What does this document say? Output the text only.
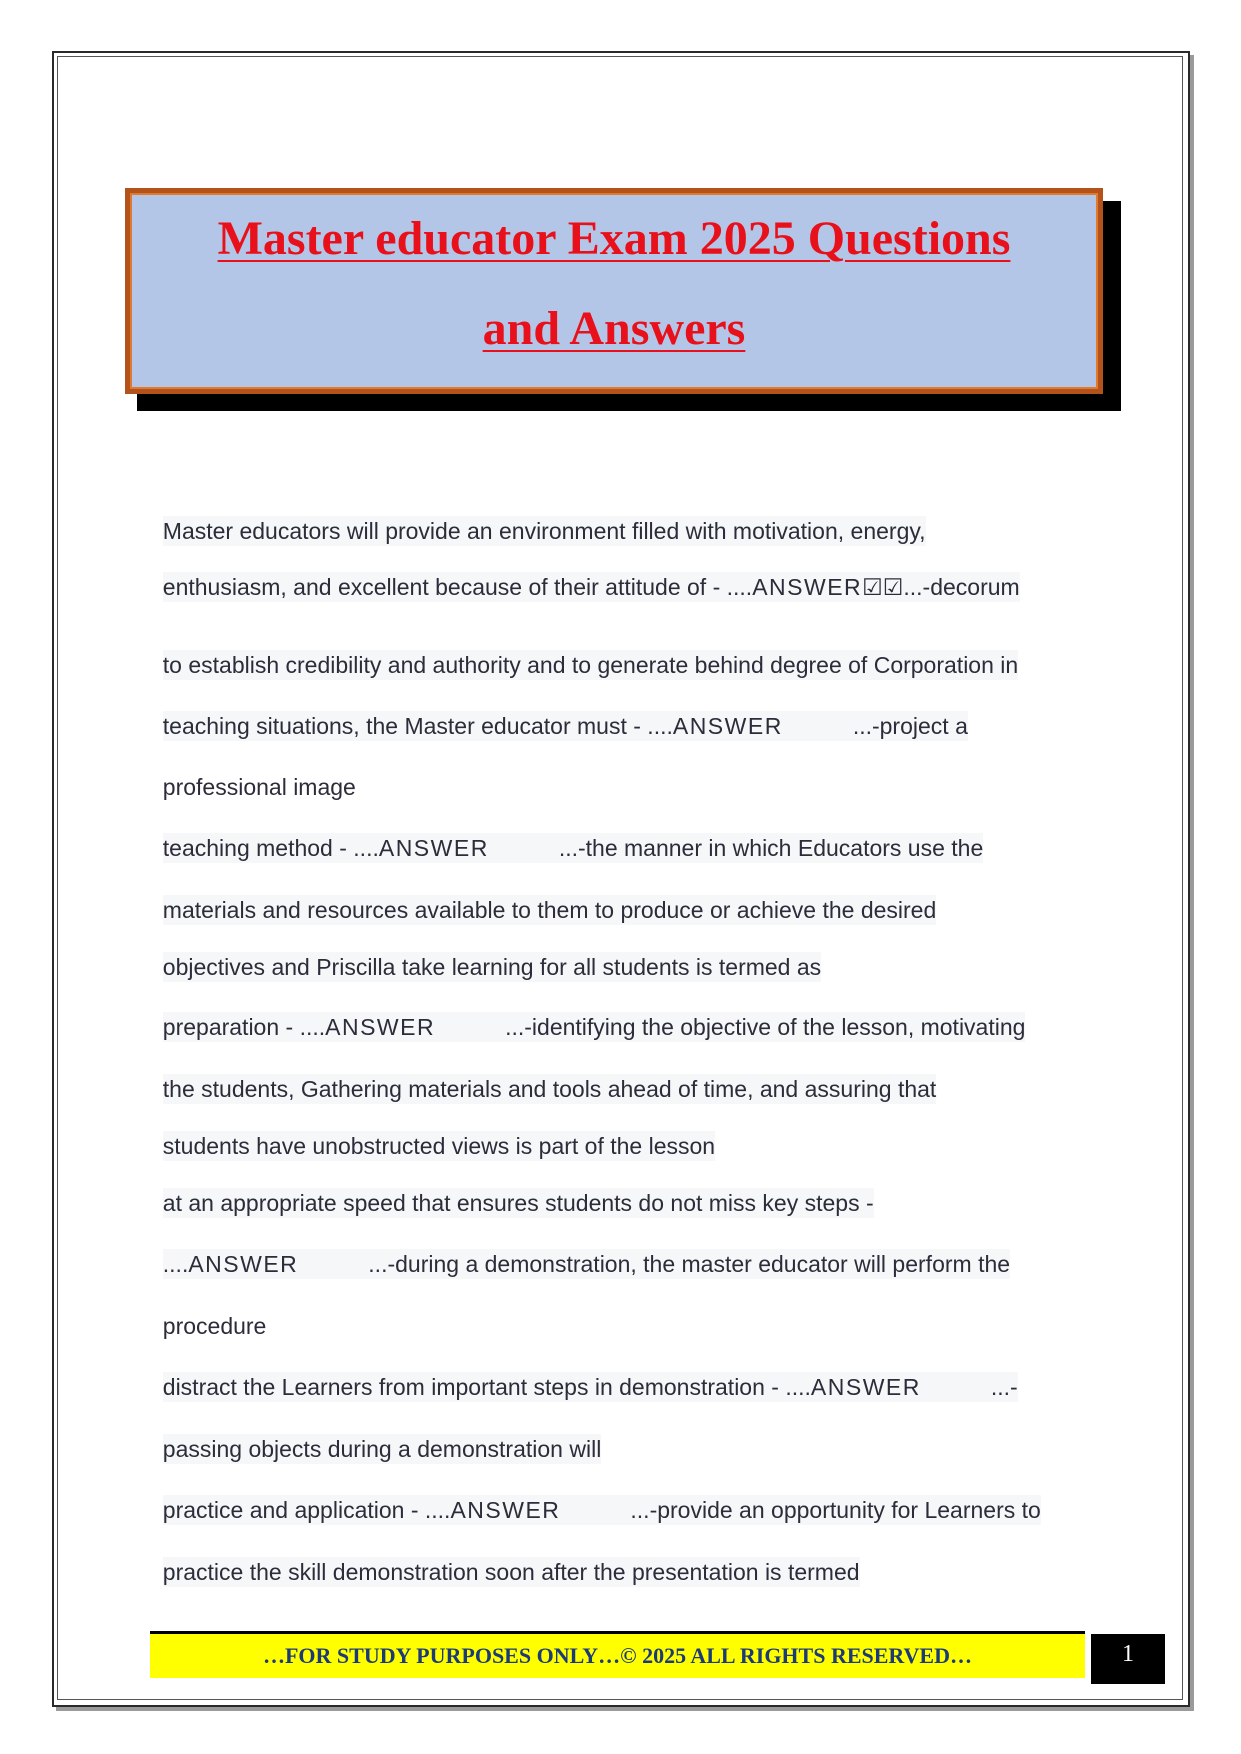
Master educator Exam 2025 Questions
and Answers

Master educators will provide an environment filled with motivation, energy,

enthusiasm, and excellent because of their attitude of - ....ANSWER☑☑...-decorum

to establish credibility and authority and to generate behind degree of Corporation in

teaching situations, the Master educator must - ....ANSWER	...-project a

professional image

teaching method - ....ANSWER	...-the manner in which Educators use the

materials and resources available to them to produce or achieve the desired

objectives and Priscilla take learning for all students is termed as

preparation - ....ANSWER	...-identifying the objective of the lesson, motivating

the students, Gathering materials and tools ahead of time, and assuring that

students have unobstructed views is part of the lesson

at an appropriate speed that ensures students do not miss key steps -

....ANSWER	...-during a demonstration, the master educator will perform the

procedure

distract the Learners from important steps in demonstration - ....ANSWER	...-

passing objects during a demonstration will

practice and application - ....ANSWER	...-provide an opportunity for Learners to

practice the skill demonstration soon after the presentation is termed

…FOR STUDY PURPOSES ONLY…© 2025 ALL RIGHTS RESERVED…	1
